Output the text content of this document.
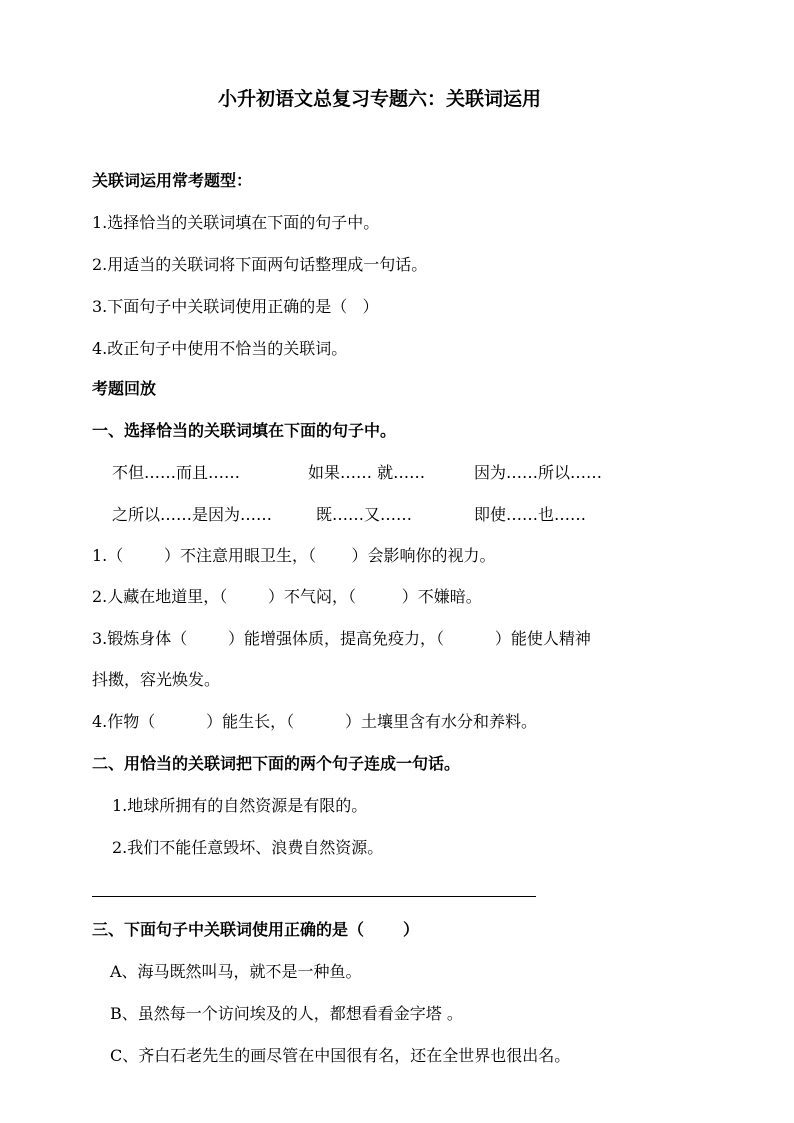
小升初语文总复习专题六：关联词运用
关联词运用常考题型：
1.选择恰当的关联词填在下面的句子中。
2.用适当的关联词将下面两句话整理成一句话。
3.下面句子中关联词使用正确的是（   ）
4.改正句子中使用不恰当的关联词。
考题回放
一、选择恰当的关联词填在下面的句子中。
不但……而且……	如果…… 就……	因为……所以……
之所以……是因为……	既……又……	即使……也……
1.（        ）不注意用眼卫生，（       ）会影响你的视力。
2.人藏在地道里，（        ）不气闷，（         ）不嫌暗。
3.锻炼身体（        ）能增强体质，提高免疫力，（          ）能使人精神
抖擞，容光焕发。
4.作物（          ）能生长，（          ）土壤里含有水分和养料。
二、用恰当的关联词把下面的两个句子连成一句话。
1.地球所拥有的自然资源是有限的。
2.我们不能任意毁坏、浪费自然资源。
三、下面句子中关联词使用正确的是（       ）
A、海马既然叫马，就不是一种鱼。
B、虽然每一个访问埃及的人，都想看看金字塔 。
C、齐白石老先生的画尽管在中国很有名，还在全世界也很出名。
